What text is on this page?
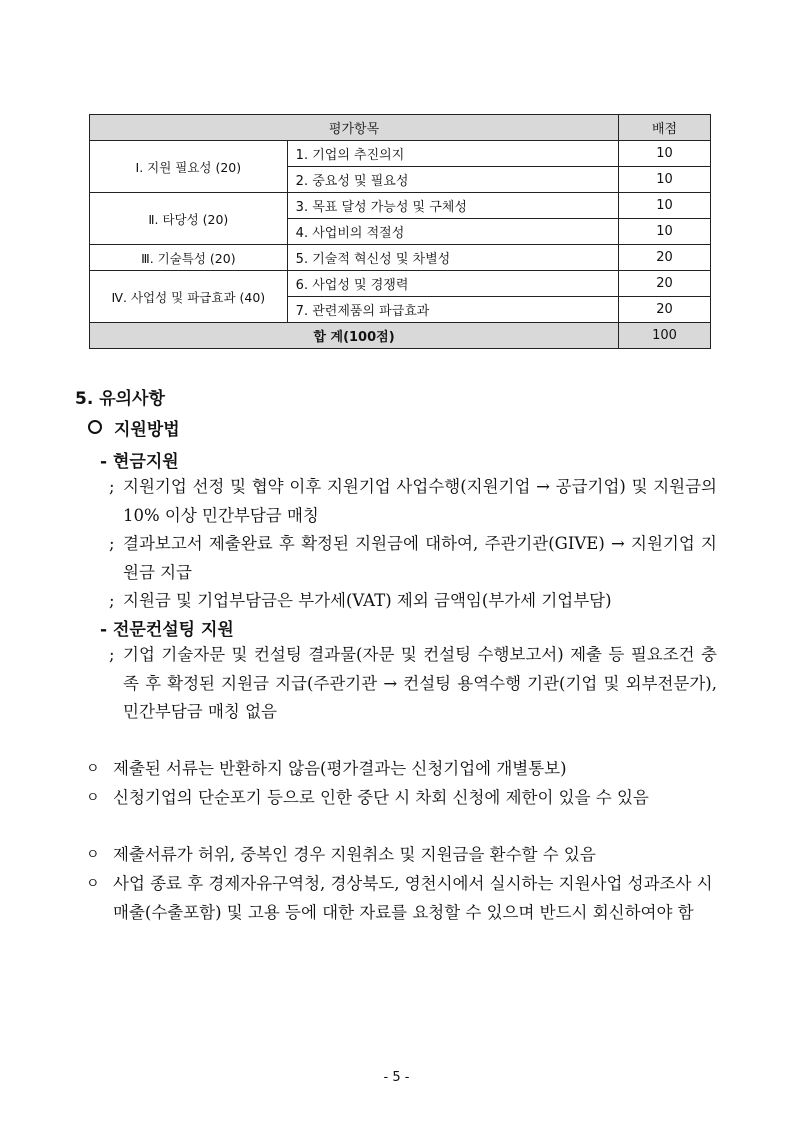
평가항목		배점
Ⅰ. 지원 필요성 (20)	1. 기업의 추진의지	10
	2. 중요성 및 필요성	10
Ⅱ. 타당성 (20)	3. 목표 달성 가능성 및 구체성	10
	4. 사업비의 적절성	10
Ⅲ. 기술특성 (20)	5. 기술적 혁신성 및 차별성	20
Ⅳ. 사업성 및 파급효과 (40)	6. 사업성 및 경쟁력	20
	7. 관련제품의 파급효과	20
합 계(100점)		100
5. 유의사항
지원방법
- 현금지원
; 지원기업 선정 및 협약 이후 지원기업 사업수행(지원기업 → 공급기업) 및 지원금의 10% 이상 민간부담금 매칭
; 결과보고서 제출완료 후 확정된 지원금에 대하여, 주관기관(GIVE) → 지원기업 지원금 지급
; 지원금 및 기업부담금은 부가세(VAT) 제외 금액임(부가세 기업부담)
- 전문컨설팅 지원
; 기업 기술자문 및 컨설팅 결과물(자문 및 컨설팅 수행보고서) 제출 등 필요조건 충족 후 확정된 지원금 지급(주관기관 → 컨설팅 용역수행 기관(기업 및 외부전문가), 민간부담금 매칭 없음
ㅇ 제출된 서류는 반환하지 않음(평가결과는 신청기업에 개별통보)
ㅇ 신청기업의 단순포기 등으로 인한 중단 시 차회 신청에 제한이 있을 수 있음
ㅇ 제출서류가 허위, 중복인 경우 지원취소 및 지원금을 환수할 수 있음
ㅇ 사업 종료 후 경제자유구역청, 경상북도, 영천시에서 실시하는 지원사업 성과조사 시 매출(수출포함) 및 고용 등에 대한 자료를 요청할 수 있으며 반드시 회신하여야 함
- 5 -
